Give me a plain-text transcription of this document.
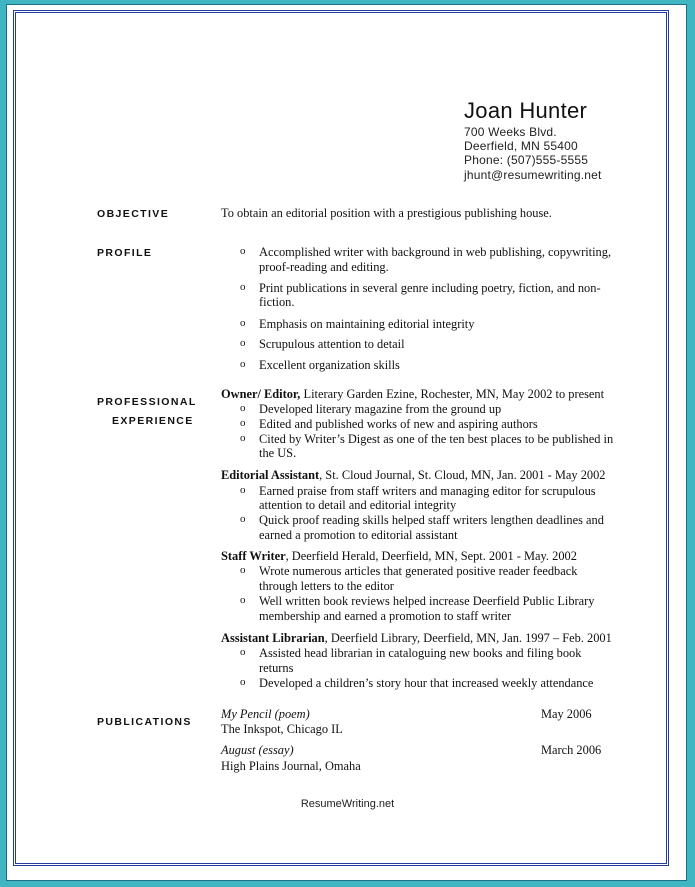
Joan Hunter
700 Weeks Blvd.
Deerfield, MN 55400
Phone: (507)555-5555
jhunt@resumewriting.net
OBJECTIVE
PROFILE
PROFESSIONAL
EXPERIENCE
PUBLICATIONS
To obtain an editorial position with a prestigious publishing house.
o Accomplished writer with background in web publishing, copywriting,
proof-reading and editing.
o Print publications in several genre including poetry, fiction, and non-
fiction.
o Emphasis on maintaining editorial integrity
o Scrupulous attention to detail
o Excellent organization skills
Owner/ Editor, Literary Garden Ezine, Rochester, MN, May 2002 to present
o Developed literary magazine from the ground up
o Edited and published works of new and aspiring authors
o Cited by Writer’s Digest as one of the ten best places to be published in
the US.
Editorial Assistant, St. Cloud Journal, St. Cloud, MN, Jan. 2001 - May 2002
o Earned praise from staff writers and managing editor for scrupulous
attention to detail and editorial integrity
o Quick proof reading skills helped staff writers lengthen deadlines and
earned a promotion to editorial assistant
Staff Writer, Deerfield Herald, Deerfield, MN, Sept. 2001 - May. 2002
o Wrote numerous articles that generated positive reader feedback
through letters to the editor
o Well written book reviews helped increase Deerfield Public Library
membership and earned a promotion to staff writer
Assistant Librarian, Deerfield Library, Deerfield, MN, Jan. 1997 – Feb. 2001
o Assisted head librarian in cataloguing new books and filing book
returns
o Developed a children’s story hour that increased weekly attendance
My Pencil (poem)	May 2006
The Inkspot, Chicago IL
August (essay)	March 2006
High Plains Journal, Omaha
ResumeWriting.net
